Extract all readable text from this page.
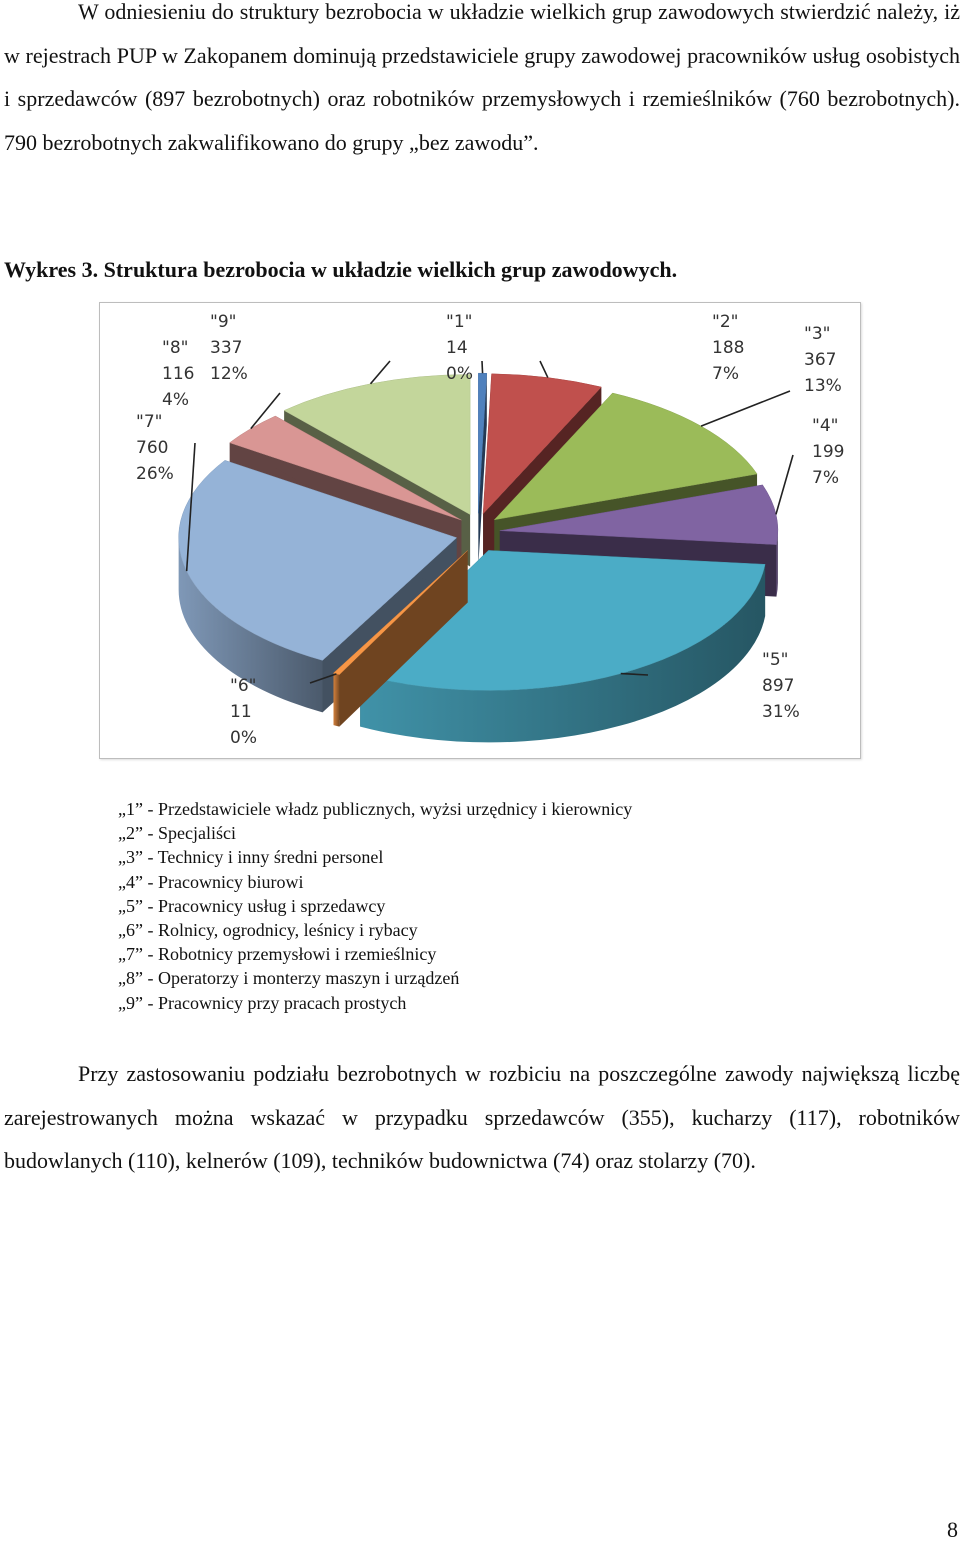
W odniesieniu do struktury bezrobocia w układzie wielkich grup zawodowych stwierdzić należy, iż w rejestrach PUP w Zakopanem dominują przedstawiciele grupy zawodowej pracowników usług osobistych i sprzedawców (897 bezrobotnych) oraz robotników przemysłowych i rzemieślników (760 bezrobotnych). 790 bezrobotnych zakwalifikowano do grupy „bez zawodu”.

Wykres 3. Struktura bezrobocia w układzie wielkich grup zawodowych.

"1"
14
0%
"2"
188
7%
"3"
367
13%
"4"
199
7%
"5"
897
31%
"6"
11
0%
"7"
760
26%
"8"
116
4%
"9"
337
12%
„1” - Przedstawiciele władz publicznych, wyżsi urzędnicy i kierownicy
„2” - Specjaliści
„3” - Technicy i inny średni personel
„4” - Pracownicy biurowi
„5” - Pracownicy usług i sprzedawcy
„6” - Rolnicy, ogrodnicy, leśnicy i rybacy
„7” - Robotnicy przemysłowi i rzemieślnicy
„8” - Operatorzy i monterzy maszyn i urządzeń
„9” - Pracownicy przy pracach prostych

Przy zastosowaniu podziału bezrobotnych w rozbiciu na poszczególne zawody największą liczbę zarejestrowanych można wskazać w przypadku sprzedawców (355), kucharzy (117), robotników budowlanych (110), kelnerów (109), techników budownictwa (74) oraz stolarzy (70).

8
